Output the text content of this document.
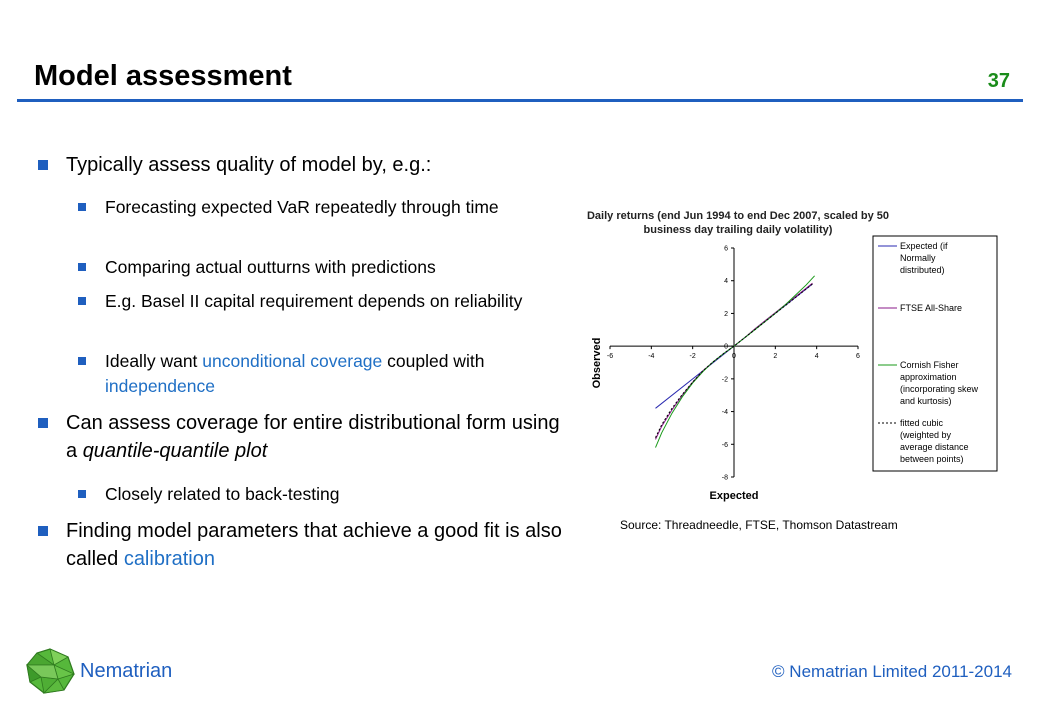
Model assessment	37
Typically assess quality of model by, e.g.:
Forecasting expected VaR repeatedly through time
Comparing actual outturns with predictions
E.g. Basel II capital requirement depends on reliability
Ideally want unconditional coverage coupled with independence
Can assess coverage for entire distributional form using a quantile-quantile plot
Closely related to back-testing
Finding model parameters that achieve a good fit is also called calibration
Daily returns (end Jun 1994 to end Dec 2007, scaled by 50
business day trailing daily volatility)
-6	-4	-2	0	2	4	6
-8
-6
-4
-2
0
2
4
6
Expected
Observed
Expected (if
Normally
distributed)
FTSE All-Share
Cornish Fisher
approximation
(incorporating skew
and kurtosis)
fitted cubic
(weighted by
average distance
between points)
Source: Threadneedle, FTSE, Thomson Datastream
Nematrian	© Nematrian Limited 2011-2014
